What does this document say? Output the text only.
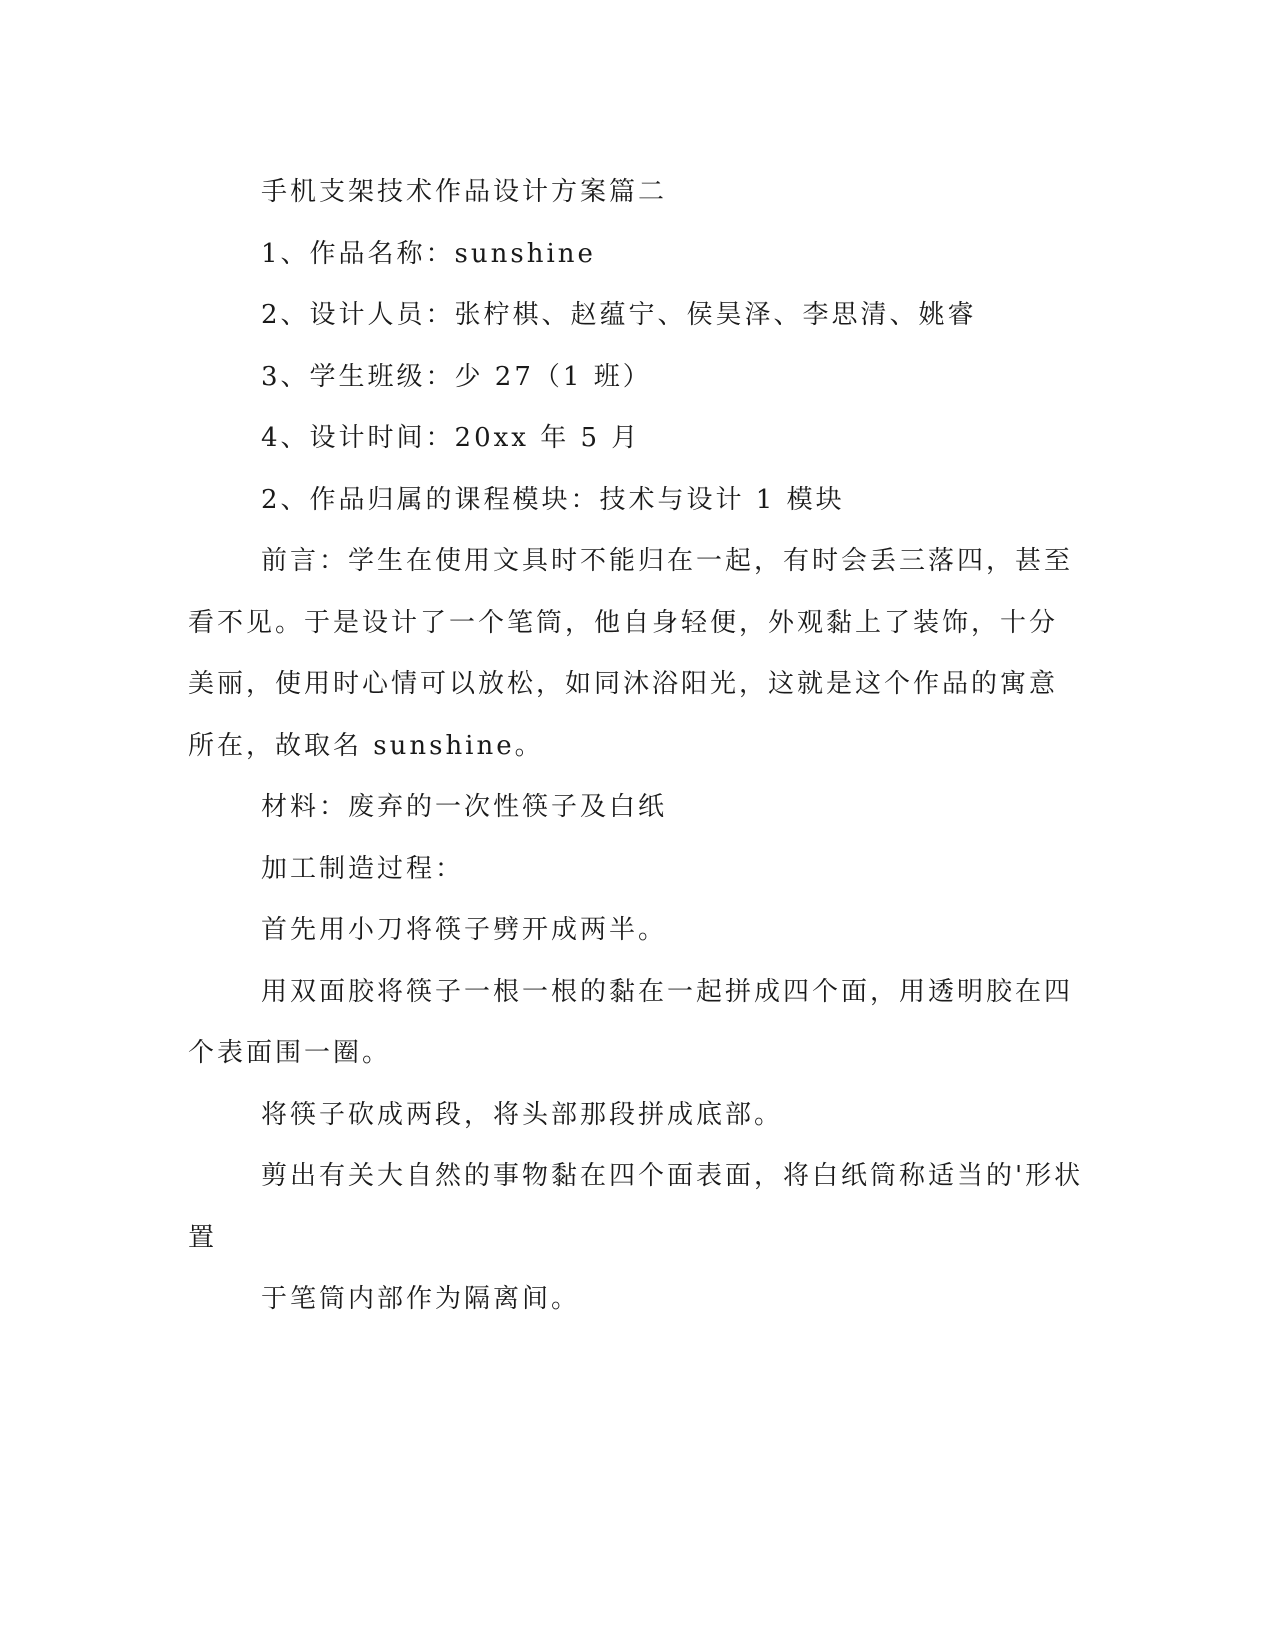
手机支架技术作品设计方案篇二

1、作品名称：sunshine

2、设计人员：张柠棋、赵蕴宁、侯昊泽、李思清、姚睿

3、学生班级：少 27（1 班）

4、设计时间：20xx 年 5 月

2、作品归属的课程模块：技术与设计 1 模块

前言：学生在使用文具时不能归在一起，有时会丢三落四，甚至

看不见。于是设计了一个笔筒，他自身轻便，外观黏上了装饰，十分

美丽，使用时心情可以放松，如同沐浴阳光，这就是这个作品的寓意

所在，故取名 sunshine。

材料：废弃的一次性筷子及白纸

加工制造过程：

首先用小刀将筷子劈开成两半。

用双面胶将筷子一根一根的黏在一起拼成四个面，用透明胶在四

个表面围一圈。

将筷子砍成两段，将头部那段拼成底部。

剪出有关大自然的事物黏在四个面表面，将白纸筒称适当的'形状

置

于笔筒内部作为隔离间。
